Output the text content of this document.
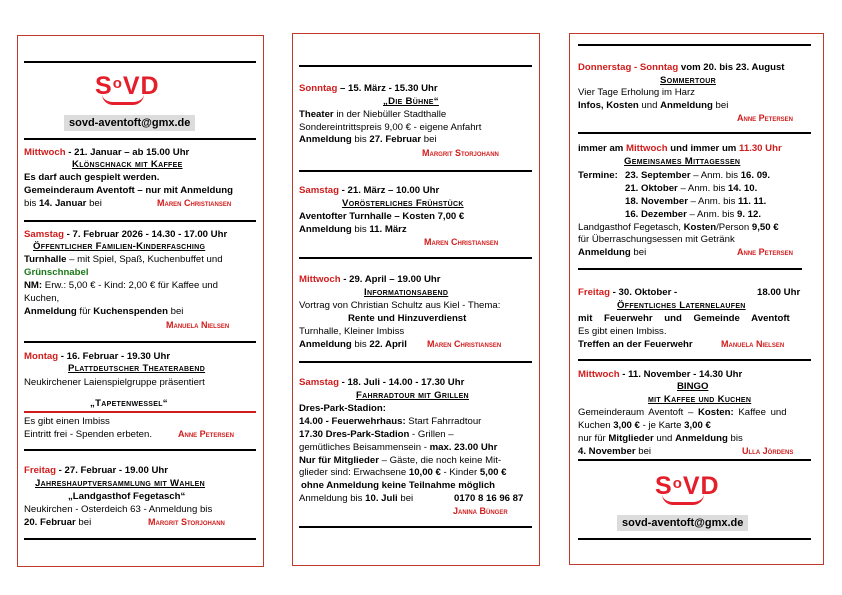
$S^oVD$
sovd-aventoft@gmx.de
Mittwoch - 21. Januar – ab 15.00 Uhr
Klönschnack mit Kaffee
Es darf auch gespielt werden.
Gemeinderaum Aventoft – nur mit Anmeldung
bis 14. Januar bei	Maren Christiansen
Samstag - 7. Februar 2026 - 14.30 - 17.00 Uhr
Öffentlicher Familien-Kinderfasching
Turnhalle – mit Spiel, Spaß, Kuchenbuffet und
Grünschnabel
NM: Erw.: 5,00 € - Kind: 2,00 € für Kaffee und
Kuchen,
Anmeldung für Kuchenspenden bei
Manuela Nielsen
Montag - 16. Februar - 19.30 Uhr
Plattdeutscher Theaterabend
Neukirchener Laienspielgruppe präsentiert
„Tapetenwessel“
Es gibt einen Imbiss
Eintritt frei - Spenden erbeten.	Anne Petersen
Freitag - 27. Februar - 19.00 Uhr
Jahreshauptversammlung mit Wahlen
„Landgasthof Fegetasch“
Neukirchen - Osterdeich 63 - Anmeldung bis
20. Februar bei	Margrit Storjohann
Sonntag – 15. März - 15.30 Uhr
„Die Bühne“
Theater in der Niebüller Stadthalle
Sondereintrittspreis 9,00 € - eigene Anfahrt
Anmeldung bis 27. Februar bei
Margrit Storjohann
Samstag - 21. März – 10.00 Uhr
Vorösterliches Frühstück
Aventofter Turnhalle – Kosten 7,00 €
Anmeldung bis 11. März
Maren Christiansen
Mittwoch - 29. April – 19.00 Uhr
Informationsabend
Vortrag von Christian Schultz aus Kiel - Thema:
Rente und Hinzuverdienst
Turnhalle, Kleiner Imbiss
Anmeldung bis 22. April Maren Christiansen
Samstag - 18. Juli - 14.00 - 17.30 Uhr
Fahrradtour mit Grillen
Dres-Park-Stadion:
14.00 - Feuerwehrhaus: Start Fahrradtour
17.30 Dres-Park-Stadion - Grillen –
gemütliches Beisammensein - max. 23.00 Uhr
Nur für Mitglieder – Gäste, die noch keine Mit-
glieder sind: Erwachsene 10,00 € - Kinder 5,00 €
ohne Anmeldung keine Teilnahme möglich
Anmeldung bis 10. Juli bei	0170 8 16 96 87
Janina Bünger
Donnerstag - Sonntag vom 20. bis 23. August
Sommertour
Vier Tage Erholung im Harz
Infos, Kosten und Anmeldung bei
Anne Petersen
immer am Mittwoch und immer um 11.30 Uhr
Gemeinsames Mittagessen
Termine: 23. September – Anm. bis 16. 09.
21. Oktober – Anm. bis 14. 10.
18. November – Anm. bis 11. 11.
16. Dezember – Anm. bis 9. 12.
Landgasthof Fegetasch, Kosten/Person 9,50 €
für Überraschungsessen mit Getränk
Anmeldung bei	Anne Petersen
Freitag - 30. Oktober -	18.00 Uhr
Öffentliches Laternelaufen
mit Feuerwehr und Gemeinde Aventoft
Es gibt einen Imbiss.
Treffen an der Feuerwehr	Manuela Nielsen
Mittwoch - 11. November - 14.30 Uhr
BINGO
mit Kaffee und Kuchen
Gemeinderaum Aventoft – Kosten: Kaffee und
Kuchen 3,00 € - je Karte 3,00 €
nur für Mitglieder und Anmeldung bis
4. November bei	Ulla Jördens
$S^oVD$
sovd-aventoft@gmx.de
